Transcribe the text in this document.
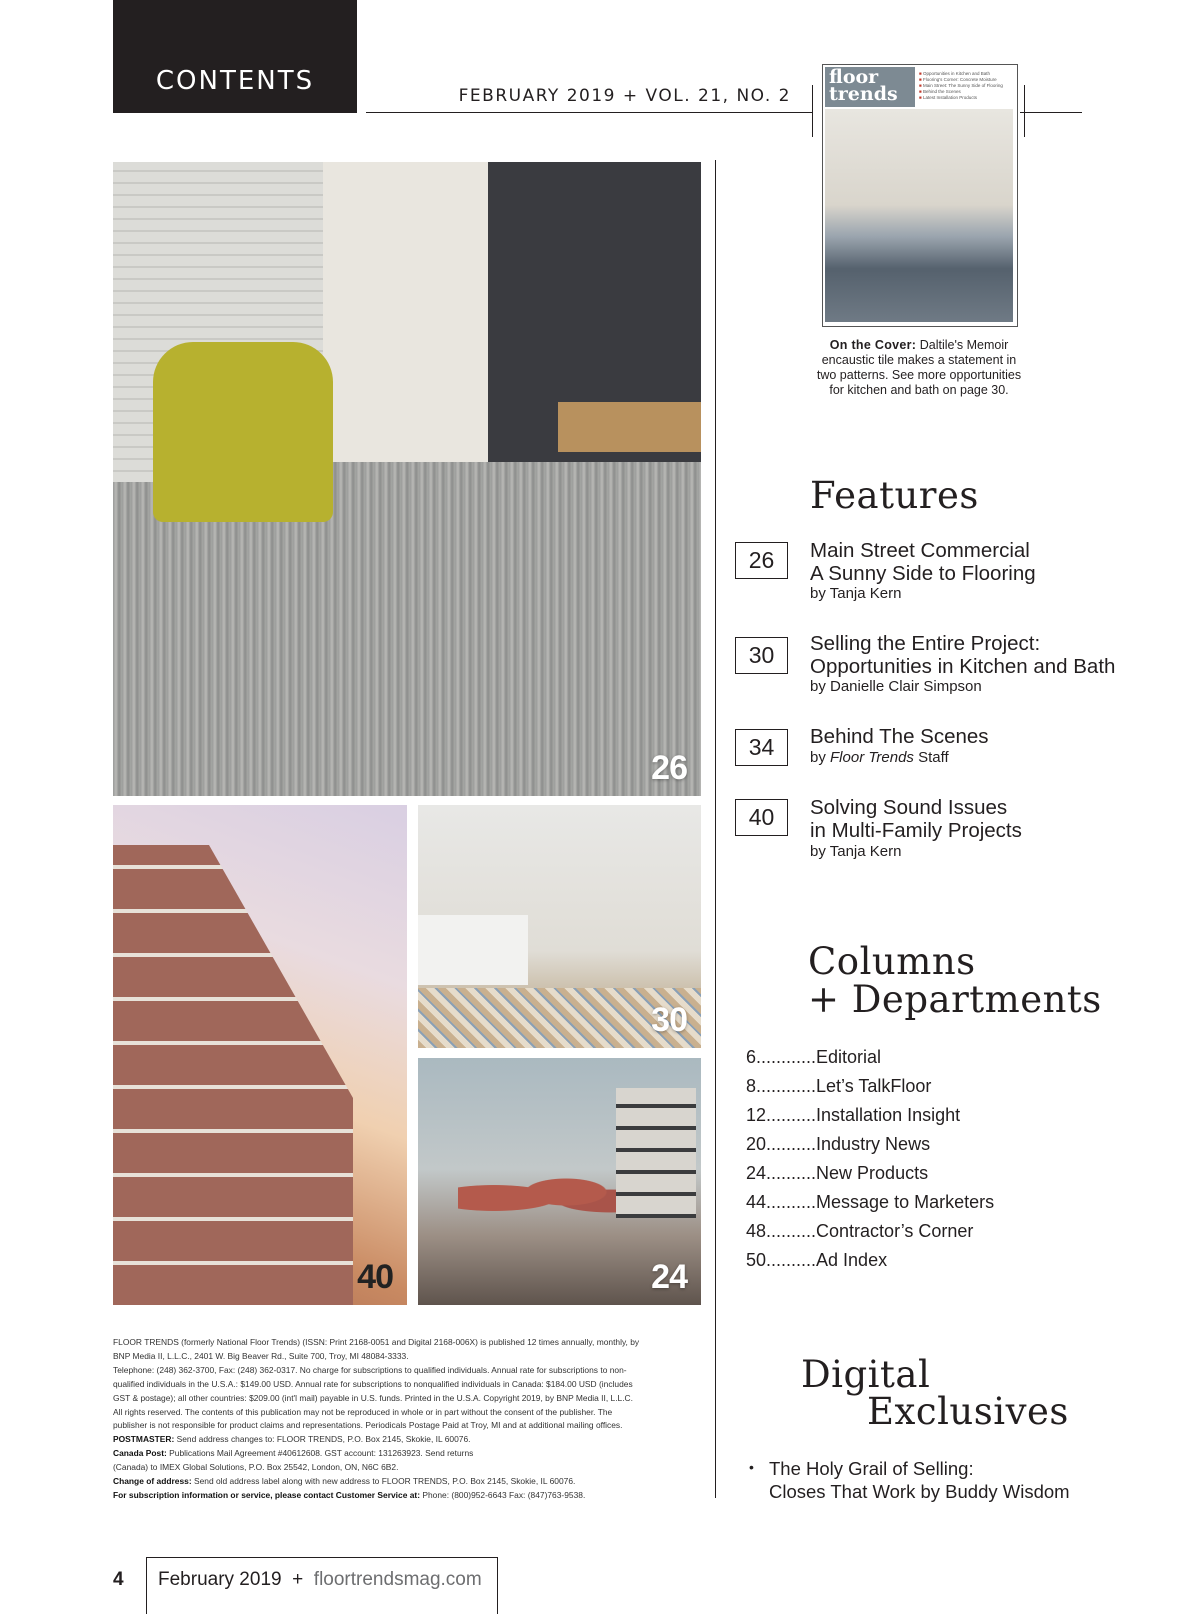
CONTENTS	FEBRUARY 2019 + VOL. 21, NO. 2
floor
trends
■ Opportunities in Kitchen and Bath
■ Flooring's Corner: Concrete Moisture
■ Main Street: The Sunny Side of Flooring
■ Behind the Scenes
■ Latest Installation Products
On the Cover: Daltile's Memoir encaustic tile makes a statement in two patterns. See more opportunities for kitchen and bath on page 30.
26
40
30
24
Features
26	Main Street Commercial
A Sunny Side to Flooring
by Tanja Kern
30	Selling the Entire Project:
Opportunities in Kitchen and Bath
by Danielle Clair Simpson
34	Behind The Scenes
by Floor Trends Staff
40	Solving Sound Issues
in Multi-Family Projects
by Tanja Kern
Columns
+ Departments
6............Editorial
8............Let’s TalkFloor
12..........Installation Insight
20..........Industry News
24..........New Products
44..........Message to Marketers
48..........Contractor’s Corner
50..........Ad Index
Digital
Exclusives
• The Holy Grail of Selling:
Closes That Work by Buddy Wisdom
FLOOR TRENDS (formerly National Floor Trends) (ISSN: Print 2168-0051 and Digital 2168-006X) is published 12 times annually, monthly, by
BNP Media II, L.L.C., 2401 W. Big Beaver Rd., Suite 700, Troy, MI 48084-3333.
Telephone: (248) 362-3700, Fax: (248) 362-0317. No charge for subscriptions to qualified individuals. Annual rate for subscriptions to non-
qualified individuals in the U.S.A.: $149.00 USD. Annual rate for subscriptions to nonqualified individuals in Canada: $184.00 USD (includes
GST & postage); all other countries: $209.00 (int'l mail) payable in U.S. funds. Printed in the U.S.A. Copyright 2019, by BNP Media II, L.L.C.
All rights reserved. The contents of this publication may not be reproduced in whole or in part without the consent of the publisher. The
publisher is not responsible for product claims and representations. Periodicals Postage Paid at Troy, MI and at additional mailing offices.
POSTMASTER: Send address changes to: FLOOR TRENDS, P.O. Box 2145, Skokie, IL 60076.
Canada Post: Publications Mail Agreement #40612608. GST account: 131263923. Send returns
(Canada) to IMEX Global Solutions, P.O. Box 25542, London, ON, N6C 6B2.
Change of address: Send old address label along with new address to FLOOR TRENDS, P.O. Box 2145, Skokie, IL 60076.
For subscription information or service, please contact Customer Service at: Phone: (800)952-6643 Fax: (847)763-9538.
4 February 2019  +  floortrendsmag.com
